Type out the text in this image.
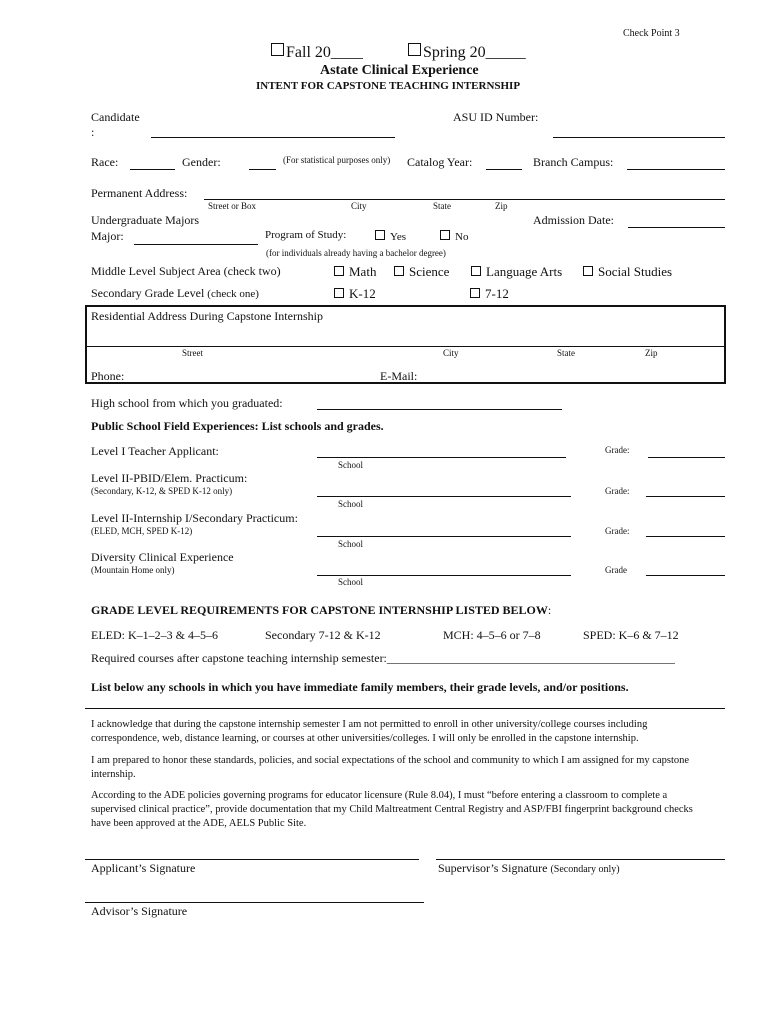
Check Point 3
Fall 20____	Spring 20_____
Astate Clinical Experience
INTENT FOR CAPSTONE TEACHING INTERNSHIP
Candidate
:
ASU ID Number:
Race:	Gender:	(For statistical purposes only) Catalog Year:	Branch Campus:
Permanent Address:
Street or Box	City	State	Zip
Undergraduate Majors
Major:	Program of Study:	Yes	No
Admission Date:
(for individuals already having a bachelor degree)
Middle Level Subject Area (check two)	Math	Science	Language Arts	Social Studies
Secondary Grade Level (check one)	K-12	7-12
Residential Address During Capstone Internship
Street	City	State	Zip
Phone:	E-Mail:
High school from which you graduated:
Public School Field Experiences: List schools and grades.
Level I Teacher Applicant:
School
Grade:
Level II-PBID/Elem. Practicum:
(Secondary, K-12, & SPED K-12 only)
School
Grade:
Level II-Internship I/Secondary Practicum:
(ELED, MCH, SPED K-12)
School
Grade:
Diversity Clinical Experience
(Mountain Home only)
School
Grade
GRADE LEVEL REQUIREMENTS FOR CAPSTONE INTERNSHIP LISTED BELOW:
ELED: K–1–2–3 & 4–5–6	Secondary 7-12 & K-12	MCH: 4–5–6 or 7–8	SPED: K–6 & 7–12
Required courses after capstone teaching internship semester:________________________________________________
List below any schools in which you have immediate family members, their grade levels, and/or positions.
I acknowledge that during the capstone internship semester I am not permitted to enroll in other university/college courses including correspondence, web, distance learning, or courses at other universities/colleges. I will only be enrolled in the capstone internship.
I am prepared to honor these standards, policies, and social expectations of the school and community to which I am assigned for my capstone internship.
According to the ADE policies governing programs for educator licensure (Rule 8.04), I must “before entering a classroom to complete a supervised clinical practice”, provide documentation that my Child Maltreatment Central Registry and ASP/FBI fingerprint background checks have been approved at the ADE, AELS Public Site.
Applicant’s Signature	Supervisor’s Signature (Secondary only)
Advisor’s Signature
